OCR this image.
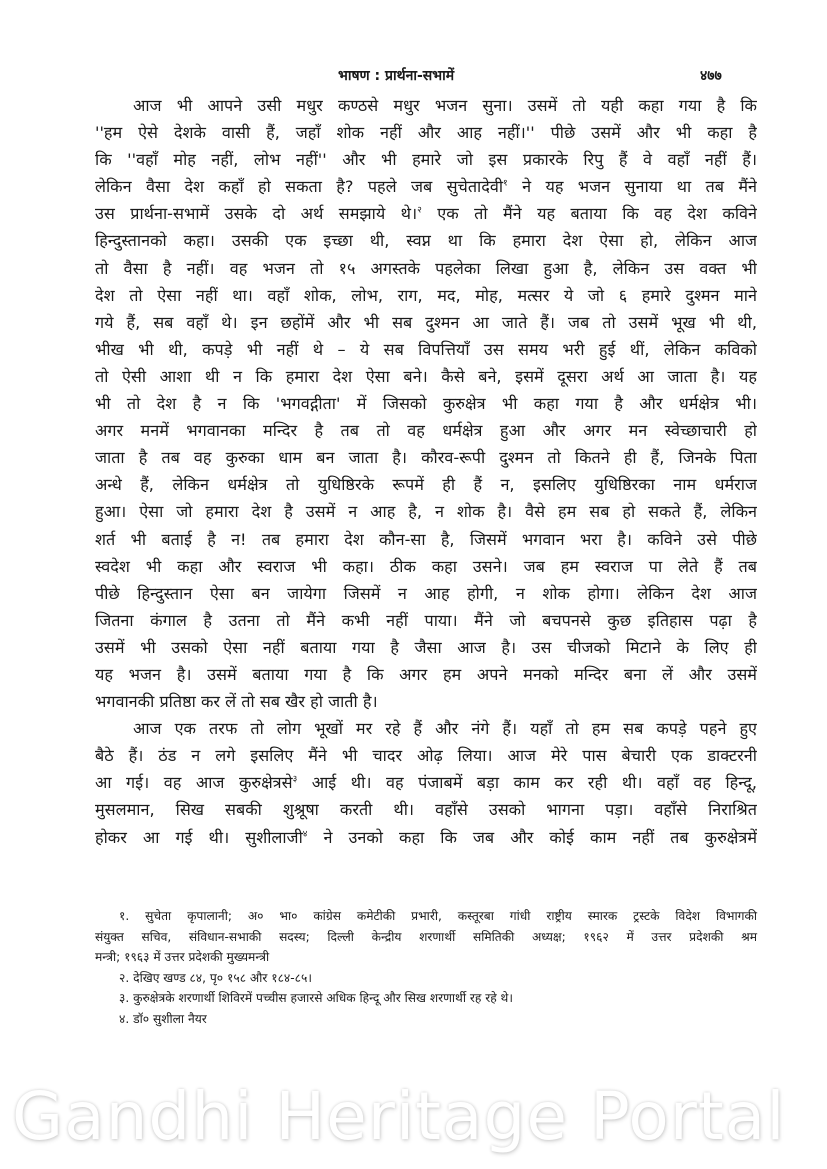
भाषण : प्रार्थना-सभामें	४७७
आज भी आपने उसी मधुर कण्ठसे मधुर भजन सुना। उसमें तो यही कहा गया है कि
''हम ऐसे देशके वासी हैं, जहाँ शोक नहीं और आह नहीं।'' पीछे उसमें और भी कहा है
कि ''वहाँ मोह नहीं, लोभ नहीं'' और भी हमारे जो इस प्रकारके रिपु हैं वे वहाँ नहीं हैं।
लेकिन वैसा देश कहाँ हो सकता है? पहले जब सुचेतादेवी$^१$ ने यह भजन सुनाया था तब मैंने
उस प्रार्थना-सभामें उसके दो अर्थ समझाये थे।$^२$ एक तो मैंने यह बताया कि वह देश कविने
हिन्दुस्तानको कहा। उसकी एक इच्छा थी, स्वप्न था कि हमारा देश ऐसा हो, लेकिन आज
तो वैसा है नहीं। वह भजन तो १५ अगस्तके पहलेका लिखा हुआ है, लेकिन उस वक्त भी
देश तो ऐसा नहीं था। वहाँ शोक, लोभ, राग, मद, मोह, मत्सर ये जो ६ हमारे दुश्मन माने
गये हैं, सब वहाँ थे। इन छहोंमें और भी सब दुश्मन आ जाते हैं। जब तो उसमें भूख भी थी,
भीख भी थी, कपड़े भी नहीं थे – ये सब विपत्तियाँ उस समय भरी हुई थीं, लेकिन कविको
तो ऐसी आशा थी न कि हमारा देश ऐसा बने। कैसे बने, इसमें दूसरा अर्थ आ जाता है। यह
भी तो देश है न कि 'भगवद्गीता' में जिसको कुरुक्षेत्र भी कहा गया है और धर्मक्षेत्र भी।
अगर मनमें भगवानका मन्दिर है तब तो वह धर्मक्षेत्र हुआ और अगर मन स्वेच्छाचारी हो
जाता है तब वह कुरुका धाम बन जाता है। कौरव-रूपी दुश्मन तो कितने ही हैं, जिनके पिता
अन्धे हैं, लेकिन धर्मक्षेत्र तो युधिष्ठिरके रूपमें ही हैं न, इसलिए युधिष्ठिरका नाम धर्मराज
हुआ। ऐसा जो हमारा देश है उसमें न आह है, न शोक है। वैसे हम सब हो सकते हैं, लेकिन
शर्त भी बताई है न! तब हमारा देश कौन-सा है, जिसमें भगवान भरा है। कविने उसे पीछे
स्वदेश भी कहा और स्वराज भी कहा। ठीक कहा उसने। जब हम स्वराज पा लेते हैं तब
पीछे हिन्दुस्तान ऐसा बन जायेगा जिसमें न आह होगी, न शोक होगा। लेकिन देश आज
जितना कंगाल है उतना तो मैंने कभी नहीं पाया। मैंने जो बचपनसे कुछ इतिहास पढ़ा है
उसमें भी उसको ऐसा नहीं बताया गया है जैसा आज है। उस चीजको मिटाने के लिए ही
यह भजन है। उसमें बताया गया है कि अगर हम अपने मनको मन्दिर बना लें और उसमें
भगवानकी प्रतिष्ठा कर लें तो सब खैर हो जाती है।
आज एक तरफ तो लोग भूखों मर रहे हैं और नंगे हैं। यहाँ तो हम सब कपड़े पहने हुए
बैठे हैं। ठंड न लगे इसलिए मैंने भी चादर ओढ़ लिया। आज मेरे पास बेचारी एक डाक्टरनी
आ गई। वह आज कुरुक्षेत्रसे$^३$ आई थी। वह पंजाबमें बड़ा काम कर रही थी। वहाँ वह हिन्दू,
मुसलमान, सिख सबकी शुश्रूषा करती थी। वहाँसे उसको भागना पड़ा। वहाँसे निराश्रित
होकर आ गई थी। सुशीलाजी$^४$ ने उनको कहा कि जब और कोई काम नहीं तब कुरुक्षेत्रमें
१. सुचेता कृपालानी; अ० भा० कांग्रेस कमेटीकी प्रभारी, कस्तूरबा गांधी राष्ट्रीय स्मारक ट्रस्टके विदेश विभागकी
संयुक्त सचिव, संविधान-सभाकी सदस्य; दिल्ली केन्द्रीय शरणार्थी समितिकी अध्यक्ष; १९६२ में उत्तर प्रदेशकी श्रम
मन्त्री; १९६३ में उत्तर प्रदेशकी मुख्यमन्त्री
२. देखिए खण्ड ८४, पृ० १५८ और १८४-८५।
३. कुरुक्षेत्रके शरणार्थी शिविरमें पच्चीस हजारसे अधिक हिन्दू और सिख शरणार्थी रह रहे थे।
४. डॉ० सुशीला नैयर
Gandhi Heritage Portal
